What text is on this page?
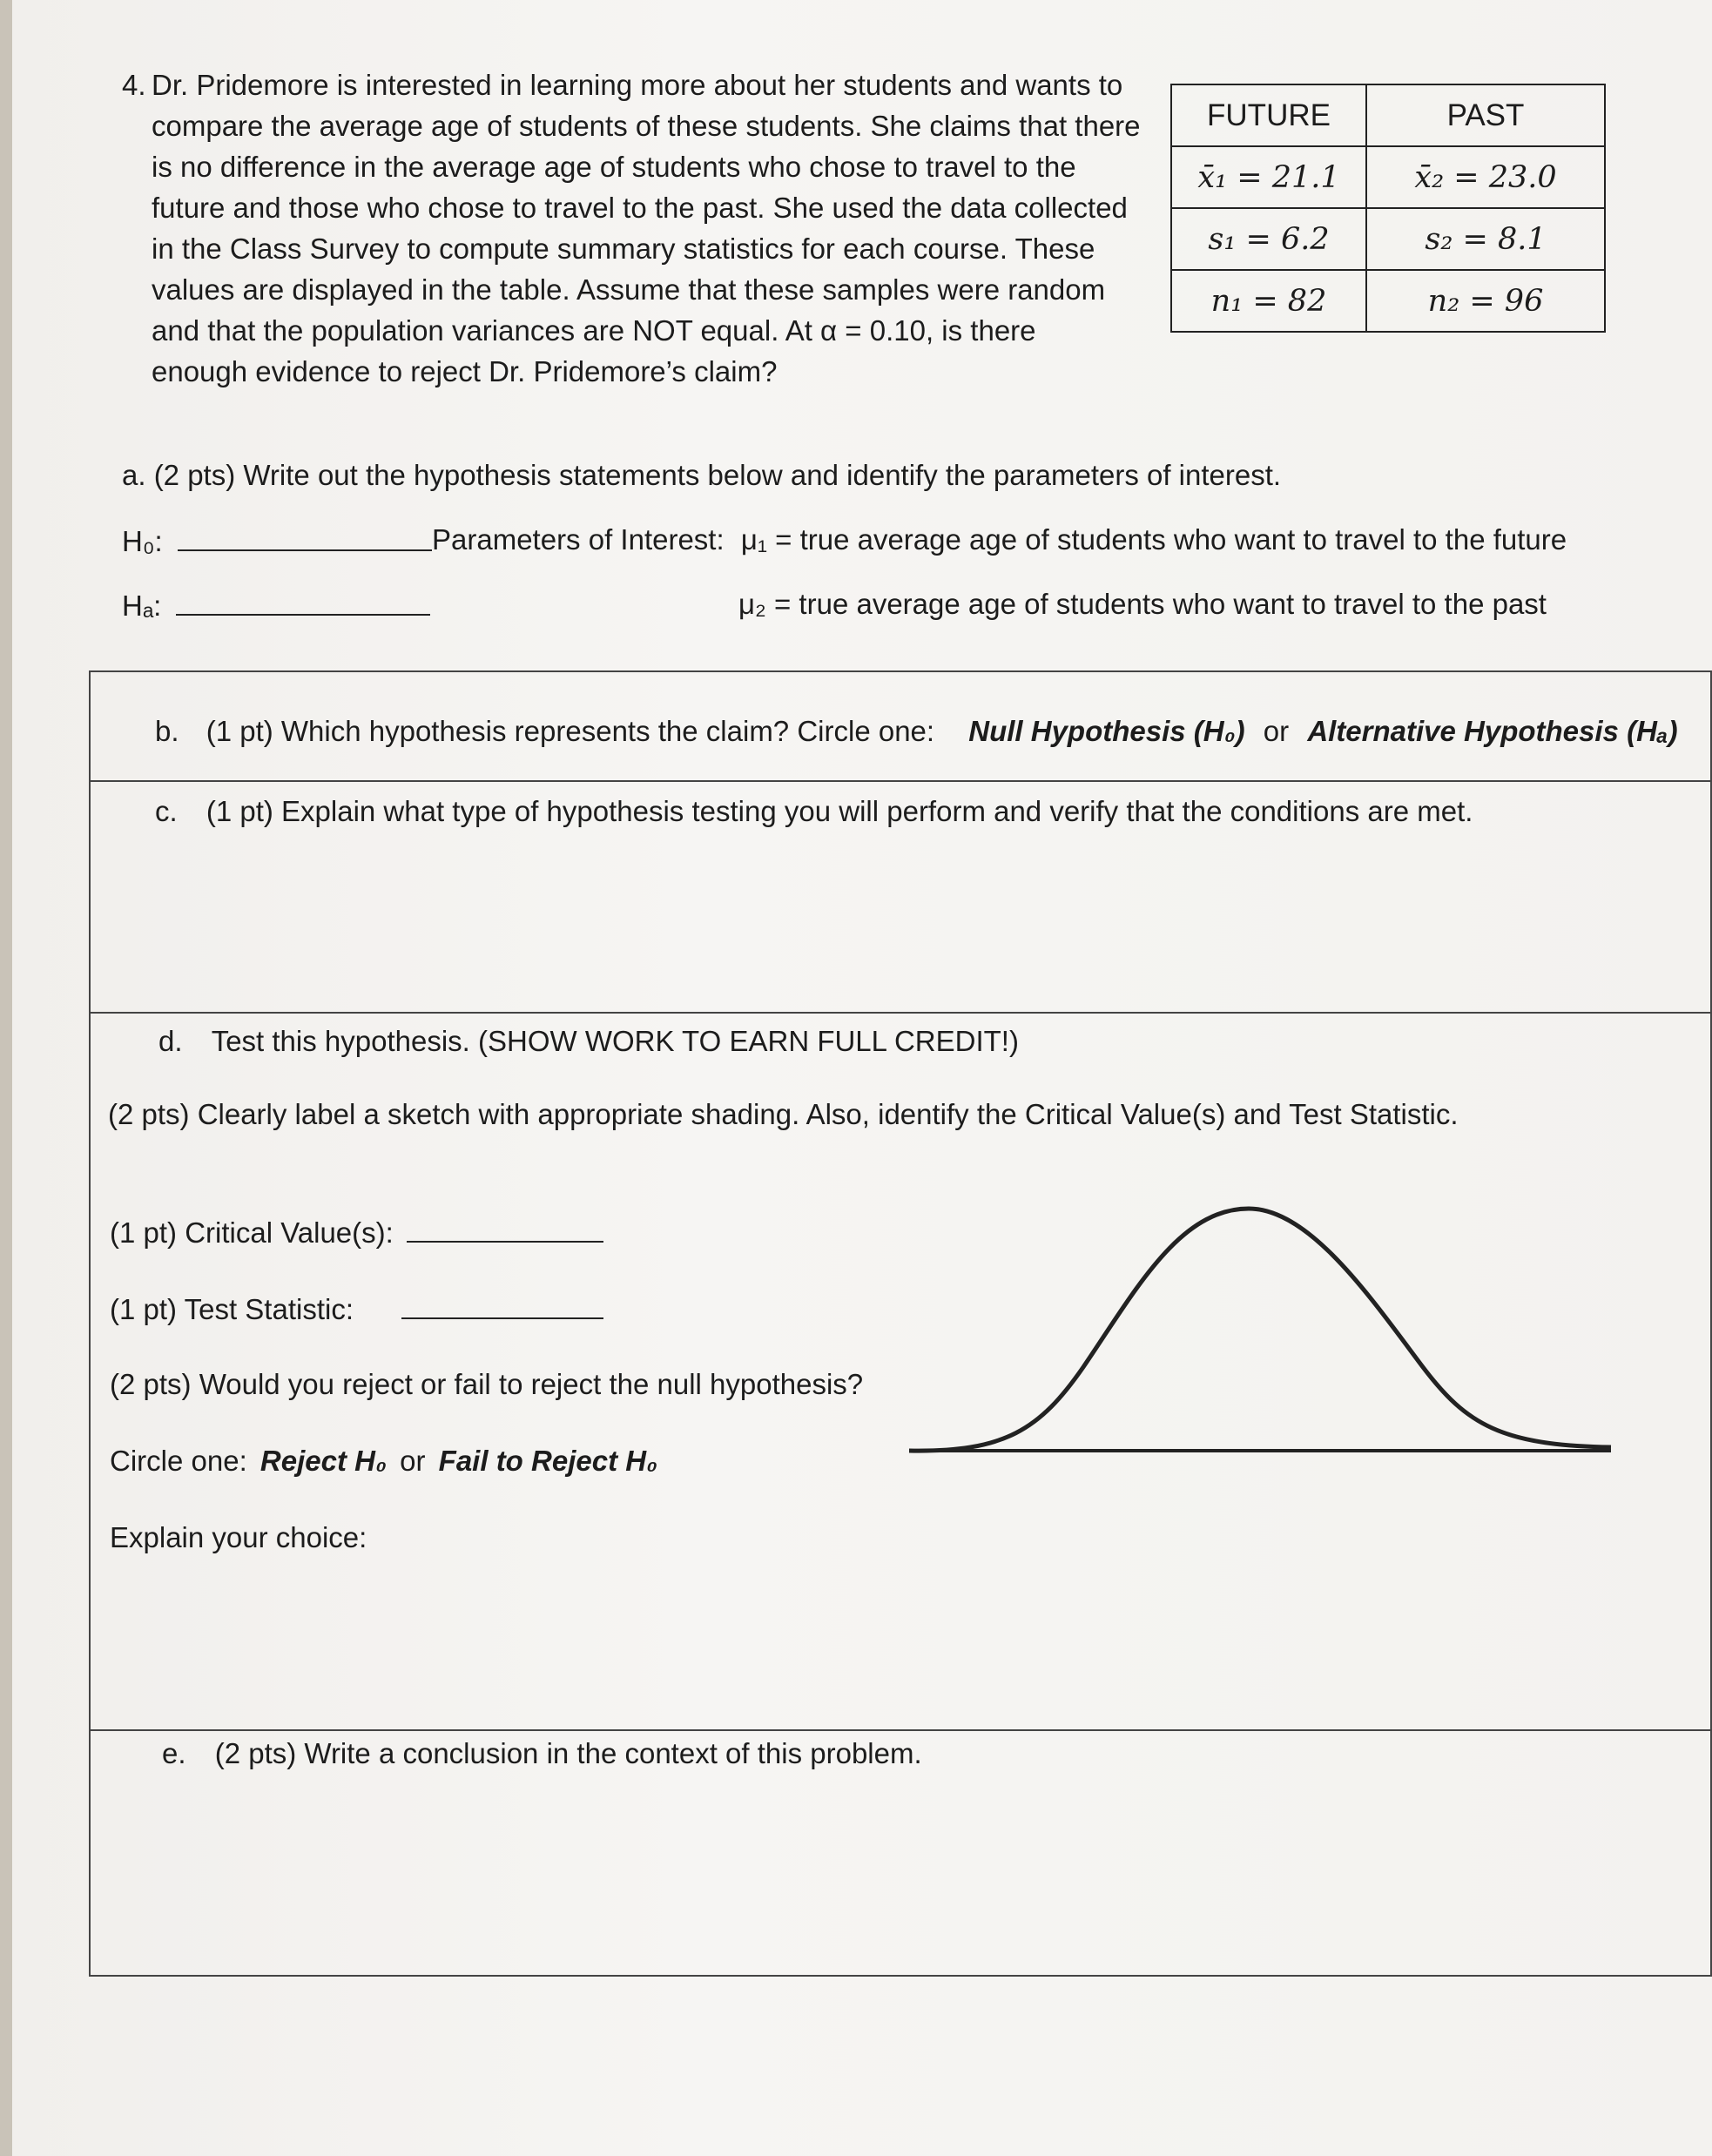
4. Dr. Pridemore is interested in learning more about her students and wants to
compare the average age of students of these students. She claims that there
is no difference in the average age of students who chose to travel to the
future and those who chose to travel to the past. She used the data collected
in the Class Survey to compute summary statistics for each course. These
values are displayed in the table. Assume that these samples were random
and that the population variances are NOT equal. At α = 0.10, is there
enough evidence to reject Dr. Pridemore’s claim?
FUTURE	PAST
x̄₁ = 21.1	x̄₂ = 23.0
s₁ = 6.2	s₂ = 8.1
n₁ = 82	n₂ = 96
a. (2 pts) Write out the hypothesis statements below and identify the parameters of interest.
H₀:	Parameters of Interest: μ₁ = true average age of students who want to travel to the future
Hₐ:	μ₂ = true average age of students who want to travel to the past
b. (1 pt) Which hypothesis represents the claim? Circle one: Null Hypothesis (H₀) or Alternative Hypothesis (Hₐ)
c. (1 pt) Explain what type of hypothesis testing you will perform and verify that the conditions are met.
d. Test this hypothesis. (SHOW WORK TO EARN FULL CREDIT!)
(2 pts) Clearly label a sketch with appropriate shading. Also, identify the Critical Value(s) and Test Statistic.
(1 pt) Critical Value(s):
(1 pt) Test Statistic:
(2 pts) Would you reject or fail to reject the null hypothesis?
Circle one: Reject H₀ or Fail to Reject H₀
Explain your choice:
e. (2 pts) Write a conclusion in the context of this problem.
